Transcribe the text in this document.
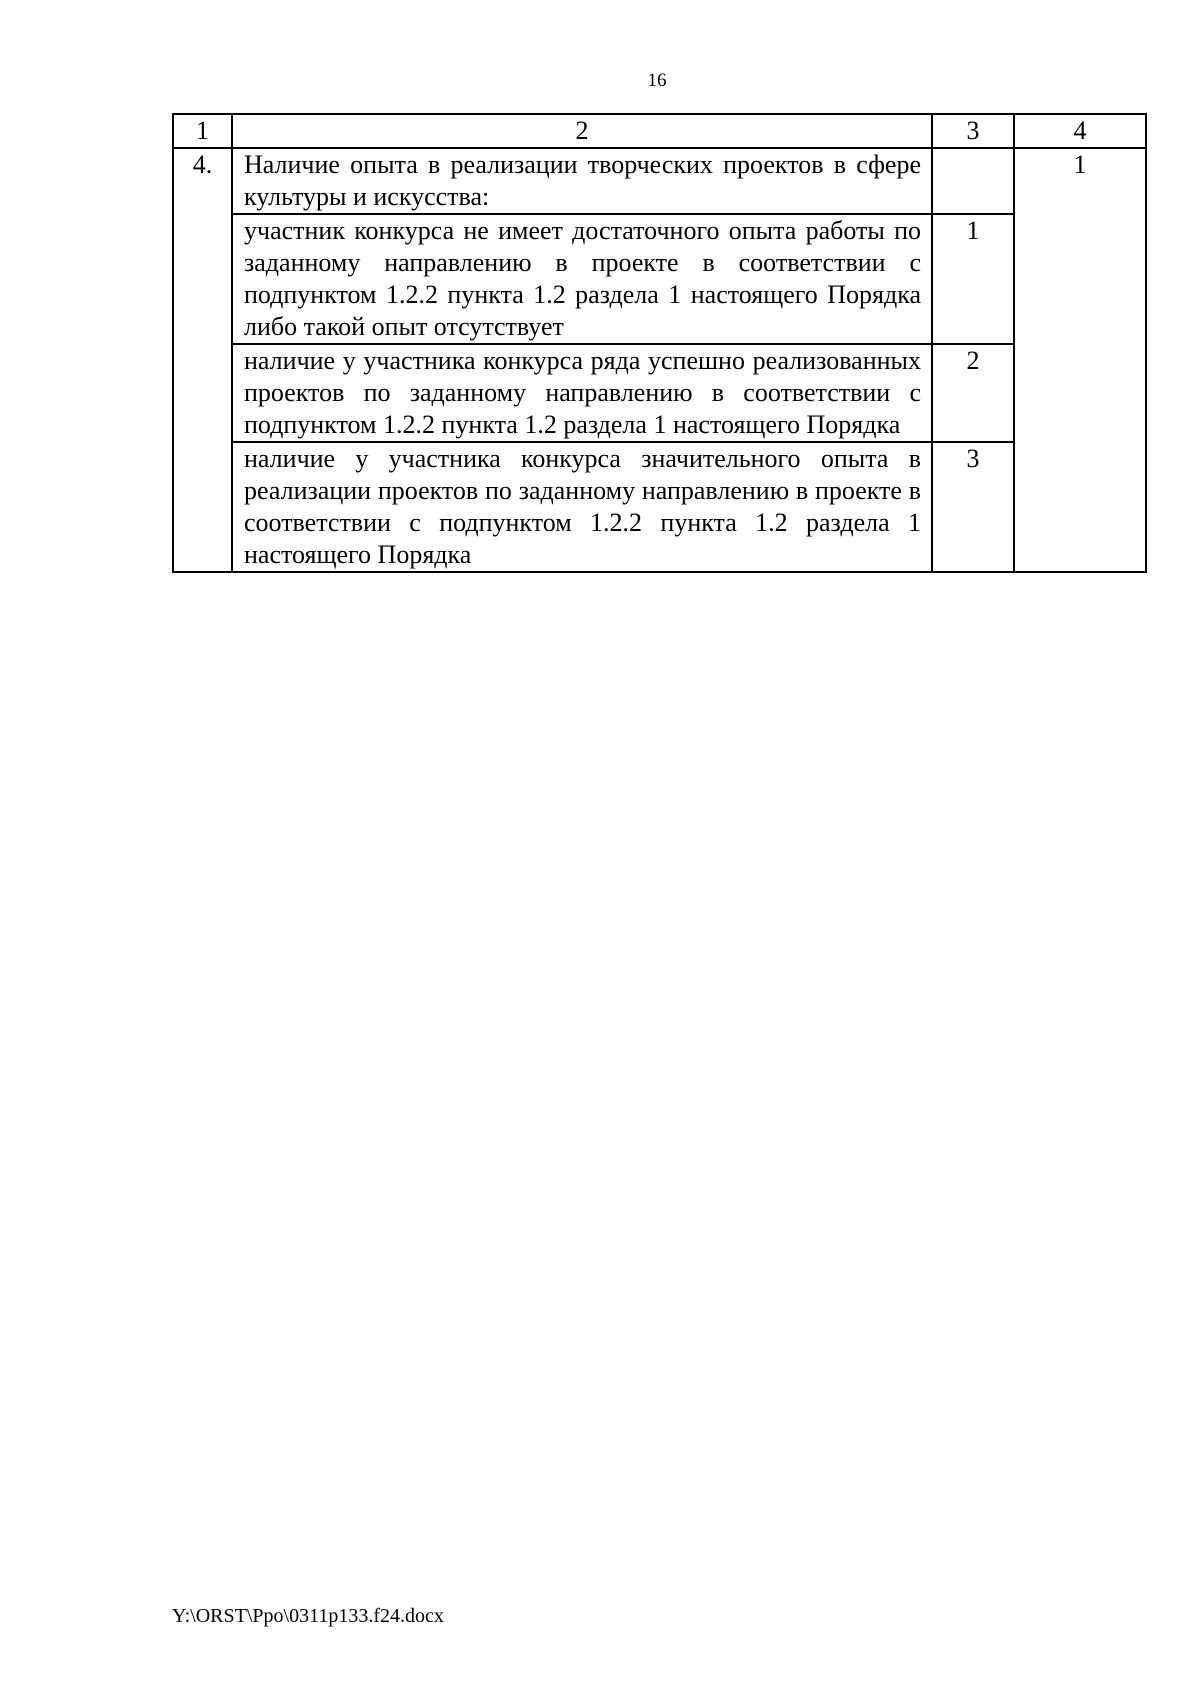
16
1	2	3	4
4.	Наличие опыта в реализации творческих проектов в сфере культуры и искусства:		1
	участник конкурса не имеет достаточного опыта работы по заданному направлению в проекте в соответствии с подпунктом 1.2.2 пункта 1.2 раздела 1 настоящего Порядка либо такой опыт отсутствует	1	
	наличие у участника конкурса ряда успешно реализованных проектов по заданному направлению в соответствии с подпунктом 1.2.2 пункта 1.2 раздела 1 настоящего Порядка	2	
	наличие у участника конкурса значительного опыта в реализации проектов по заданному направлению в проекте в соответствии с подпунктом 1.2.2 пункта 1.2 раздела 1 настоящего Порядка	3	
Y:\ORST\Ppo\0311p133.f24.docx
